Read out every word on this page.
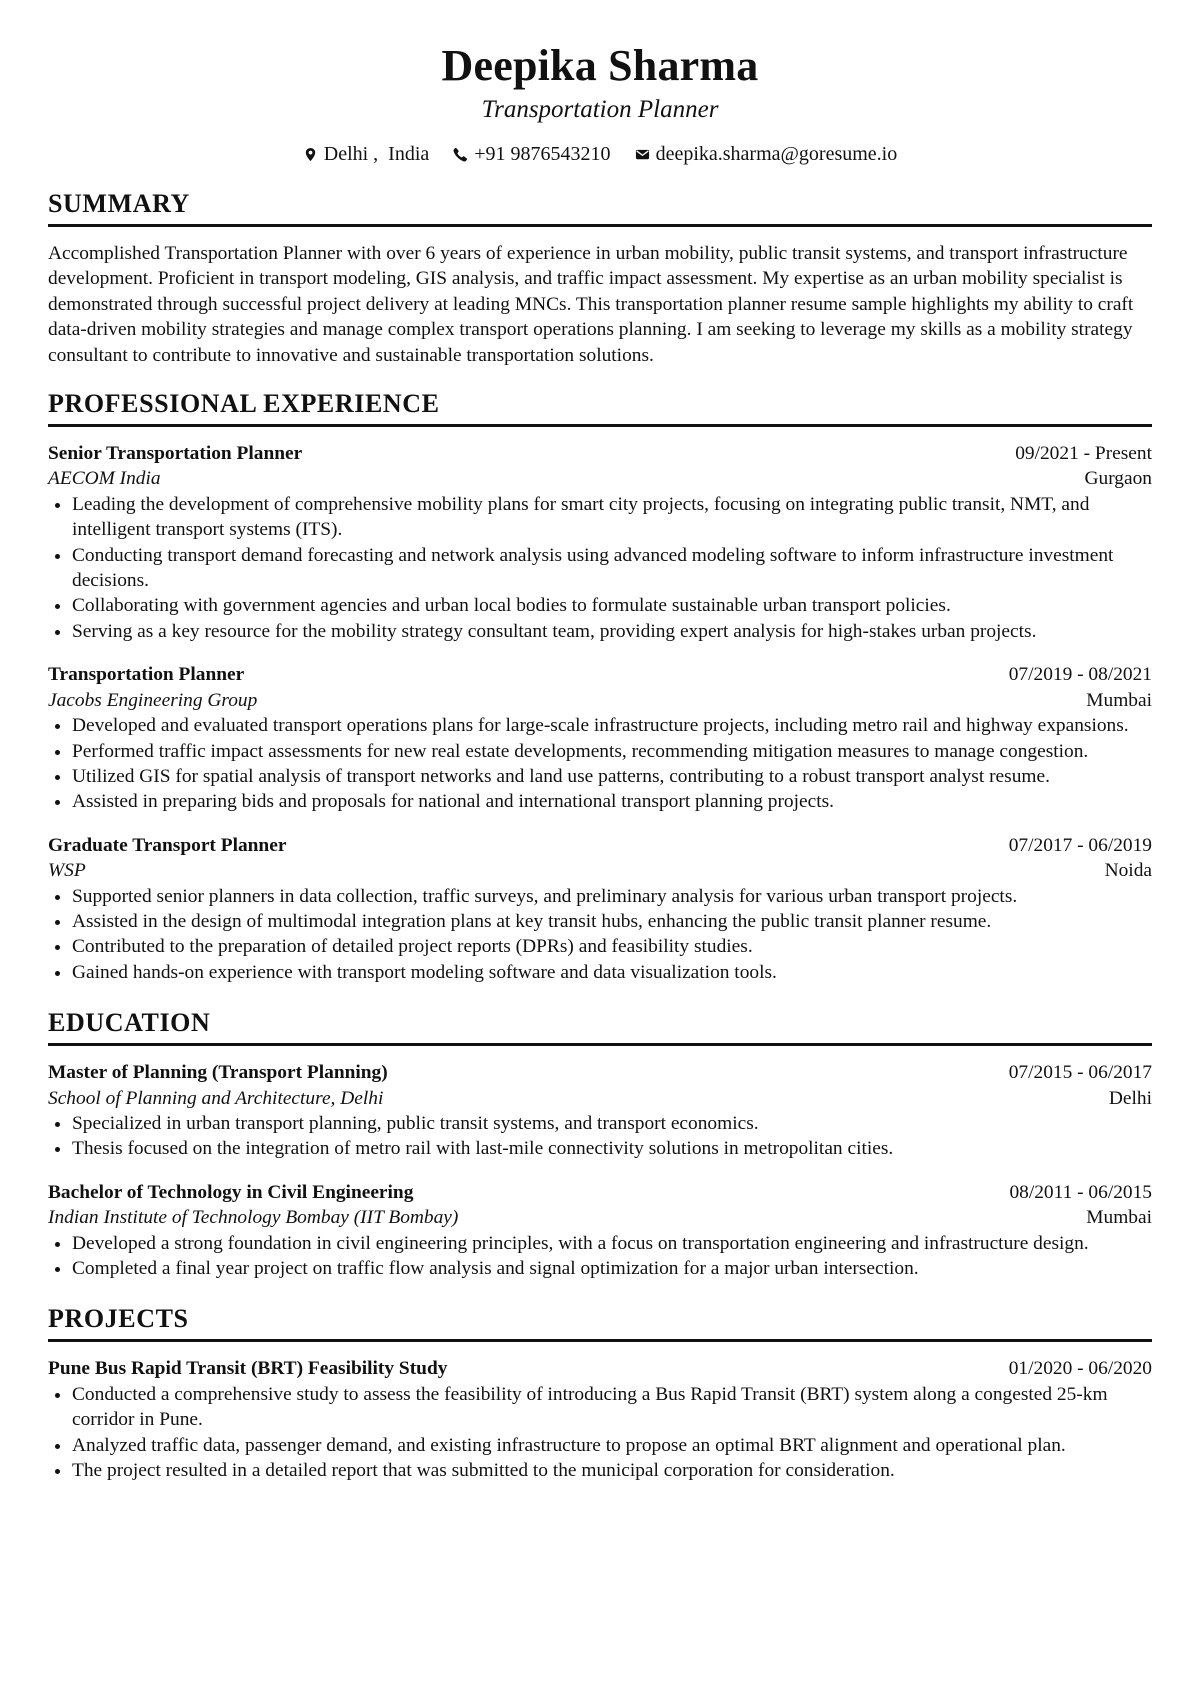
Deepika Sharma
Transportation Planner
Delhi ,  India +91 9876543210 deepika.sharma@goresume.io
SUMMARY
Accomplished Transportation Planner with over 6 years of experience in urban mobility, public transit systems, and transport infrastructure development. Proficient in transport modeling, GIS analysis, and traffic impact assessment. My expertise as an urban mobility specialist is demonstrated through successful project delivery at leading MNCs. This transportation planner resume sample highlights my ability to craft data-driven mobility strategies and manage complex transport operations planning. I am seeking to leverage my skills as a mobility strategy consultant to contribute to innovative and sustainable transportation solutions.
PROFESSIONAL EXPERIENCE
Senior Transportation Planner	09/2021 - Present
AECOM India	Gurgaon
• Leading the development of comprehensive mobility plans for smart city projects, focusing on integrating public transit, NMT, and intelligent transport systems (ITS).
• Conducting transport demand forecasting and network analysis using advanced modeling software to inform infrastructure investment decisions.
• Collaborating with government agencies and urban local bodies to formulate sustainable urban transport policies.
• Serving as a key resource for the mobility strategy consultant team, providing expert analysis for high-stakes urban projects.
Transportation Planner	07/2019 - 08/2021
Jacobs Engineering Group	Mumbai
• Developed and evaluated transport operations plans for large-scale infrastructure projects, including metro rail and highway expansions.
• Performed traffic impact assessments for new real estate developments, recommending mitigation measures to manage congestion.
• Utilized GIS for spatial analysis of transport networks and land use patterns, contributing to a robust transport analyst resume.
• Assisted in preparing bids and proposals for national and international transport planning projects.
Graduate Transport Planner	07/2017 - 06/2019
WSP	Noida
• Supported senior planners in data collection, traffic surveys, and preliminary analysis for various urban transport projects.
• Assisted in the design of multimodal integration plans at key transit hubs, enhancing the public transit planner resume.
• Contributed to the preparation of detailed project reports (DPRs) and feasibility studies.
• Gained hands-on experience with transport modeling software and data visualization tools.
EDUCATION
Master of Planning (Transport Planning)	07/2015 - 06/2017
School of Planning and Architecture, Delhi	Delhi
• Specialized in urban transport planning, public transit systems, and transport economics.
• Thesis focused on the integration of metro rail with last-mile connectivity solutions in metropolitan cities.
Bachelor of Technology in Civil Engineering	08/2011 - 06/2015
Indian Institute of Technology Bombay (IIT Bombay)	Mumbai
• Developed a strong foundation in civil engineering principles, with a focus on transportation engineering and infrastructure design.
• Completed a final year project on traffic flow analysis and signal optimization for a major urban intersection.
PROJECTS
Pune Bus Rapid Transit (BRT) Feasibility Study	01/2020 - 06/2020
• Conducted a comprehensive study to assess the feasibility of introducing a Bus Rapid Transit (BRT) system along a congested 25-km corridor in Pune.
• Analyzed traffic data, passenger demand, and existing infrastructure to propose an optimal BRT alignment and operational plan.
• The project resulted in a detailed report that was submitted to the municipal corporation for consideration.
